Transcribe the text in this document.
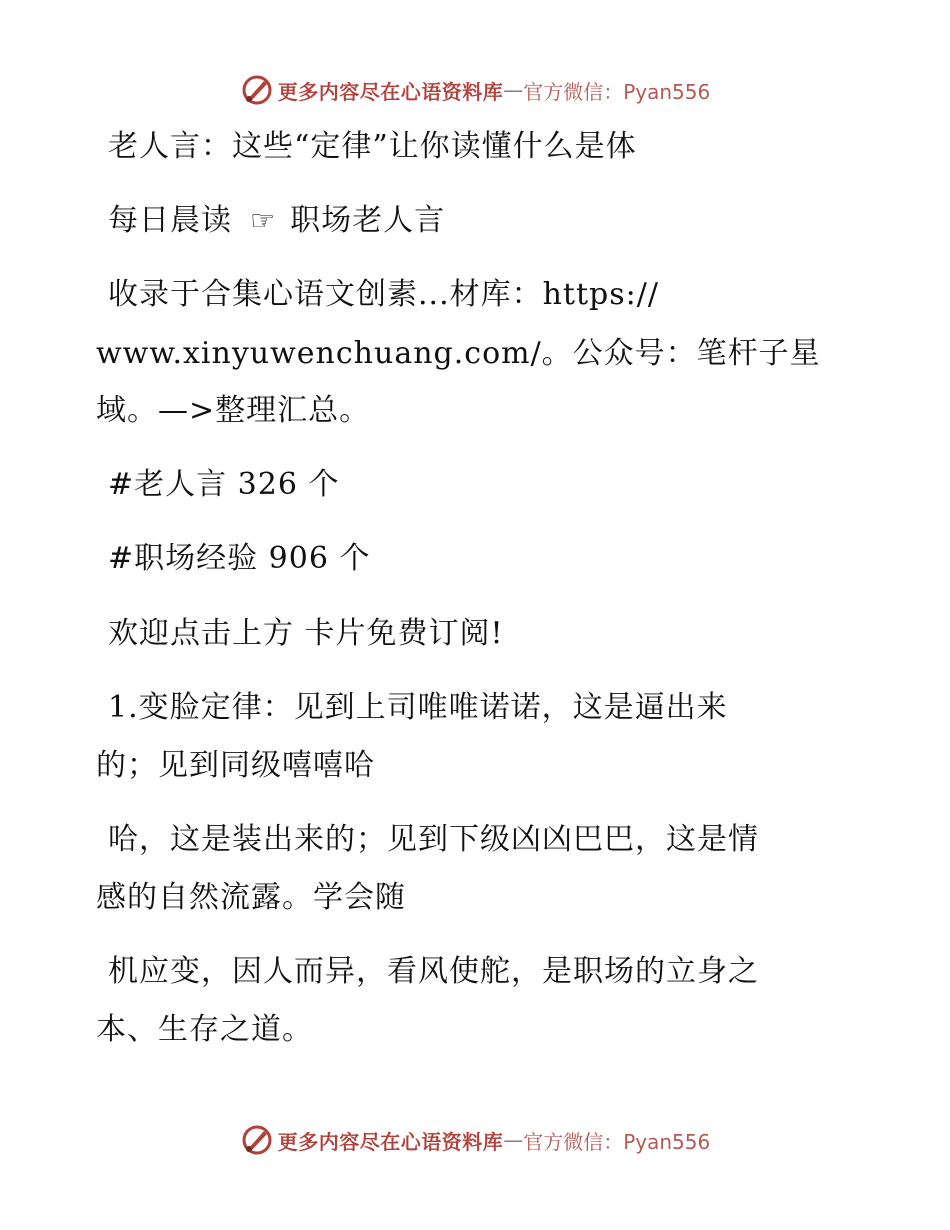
更多内容尽在心语资料库 — 官方微信：Pyan556
老人言：这些“定律”让你读懂什么是体
每日晨读 ☞ 职场老人言
收录于合集心语文创素...材库：https://
www.xinyuwenchuang.com/。公众号：笔杆子星
域。—>整理汇总。
#老人言 326 个
#职场经验 906 个
欢迎点击上方 卡片免费订阅!
1.变脸定律：见到上司唯唯诺诺，这是逼出来
的；见到同级嘻嘻哈
哈，这是装出来的；见到下级凶凶巴巴，这是情
感的自然流露。学会随
机应变，因人而异，看风使舵，是职场的立身之
本、生存之道。
更多内容尽在心语资料库 — 官方微信：Pyan556
